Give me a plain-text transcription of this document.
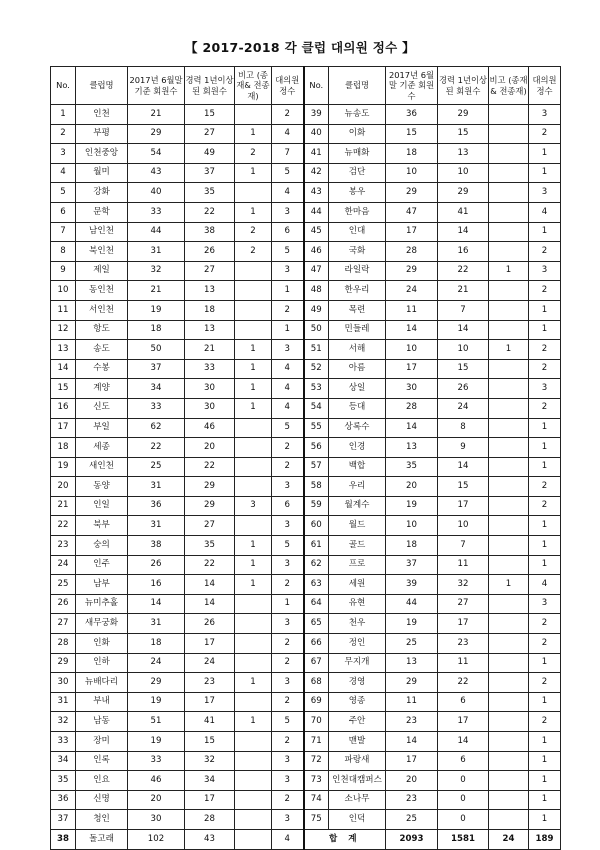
【 2017-2018 각 클럽 대의원 정수 】
No.	클럽명	2017년 6월말 기준 회원수	경력 1년이상 된 회원수	비고 (종재& 전종재)	대의원 정수	No.	클럽명	2017년 6월말 기준 회원수	경력 1년이상 된 회원수	비고 (종재& 전종재)	대의원 정수
1	인천	21	15		2	39	뉴송도	36	29		3
2	부평	29	27	1	4	40	이화	15	15		2
3	인천중앙	54	49	2	7	41	뉴매화	18	13		1
4	월미	43	37	1	5	42	검단	10	10		1
5	강화	40	35		4	43	봉우	29	29		3
6	문학	33	22	1	3	44	한마음	47	41		4
7	남인천	44	38	2	6	45	인대	17	14		1
8	북인천	31	26	2	5	46	국화	28	16		2
9	제일	32	27		3	47	라일락	29	22	1	3
10	동인천	21	13		1	48	한우리	24	21		2
11	서인천	19	18		2	49	목련	11	7		1
12	항도	18	13		1	50	민들레	14	14		1
13	송도	50	21	1	3	51	서해	10	10	1	2
14	수봉	37	33	1	4	52	아름	17	15		2
15	계양	34	30	1	4	53	상일	30	26		3
16	신도	33	30	1	4	54	등대	28	24		2
17	부일	62	46		5	55	상록수	14	8		1
18	세종	22	20		2	56	인경	13	9		1
19	새인천	25	22		2	57	백합	35	14		1
20	동양	31	29		3	58	우리	20	15		2
21	인일	36	29	3	6	59	월계수	19	17		2
22	북부	31	27		3	60	월드	10	10		1
23	숭의	38	35	1	5	61	골드	18	7		1
24	인주	26	22	1	3	62	프로	37	11		1
25	남부	16	14	1	2	63	세원	39	32	1	4
26	뉴미추홀	14	14		1	64	유현	44	27		3
27	새무궁화	31	26		3	65	천우	19	17		2
28	인화	18	17		2	66	정인	25	23		2
29	인하	24	24		2	67	무지개	13	11		1
30	뉴배다리	29	23	1	3	68	경영	29	22		2
31	부내	19	17		2	69	영종	11	6		1
32	남동	51	41	1	5	70	주안	23	17		2
33	장미	19	15		2	71	맨발	14	14		1
34	인록	33	32		3	72	파랑새	17	6		1
35	인요	46	34		3	73	인천대캠퍼스	20	0		1
36	신명	20	17		2	74	소나무	23	0		1
37	청인	30	28		3	75	인덕	25	0		1
38	돌고래	102	43		4	합 계		2093	1581	24	189
